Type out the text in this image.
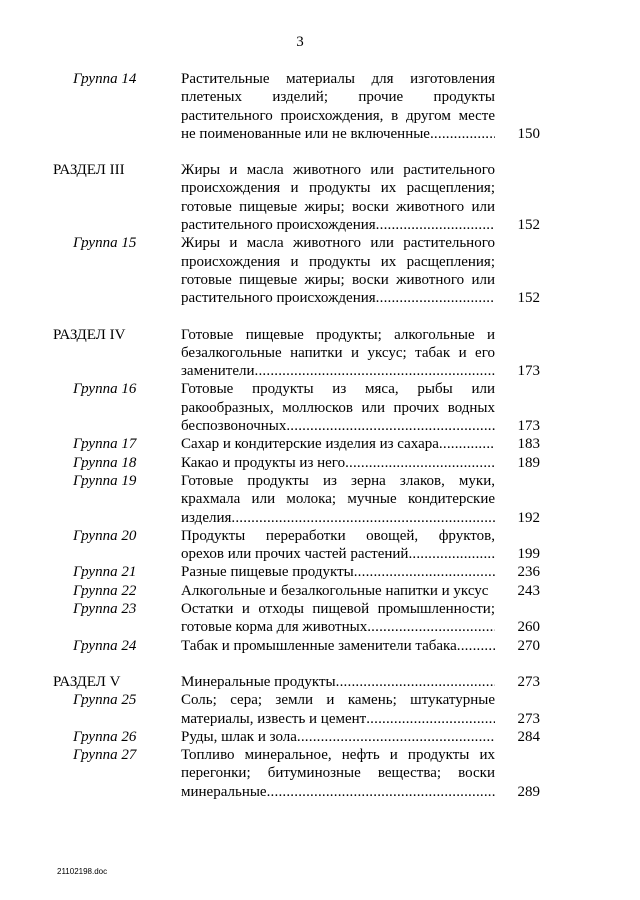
3
Группа 14	Растительные материалы для изготовления
плетеных изделий; прочие продукты
растительного происхождения, в другом месте
не поименованные или не включенные .....	150
РАЗДЕЛ III	Жиры и масла животного или растительного
происхождения и продукты их расщепления;
готовые пищевые жиры; воски животного или
растительного происхождения .....	152
Группа 15	Жиры и масла животного или растительного
происхождения и продукты их расщепления;
готовые пищевые жиры; воски животного или
растительного происхождения .....	152
РАЗДЕЛ IV	Готовые пищевые продукты; алкогольные и
безалкогольные напитки и уксус; табак и его
заменители .....	173
Группа 16	Готовые продукты из мяса, рыбы или
ракообразных, моллюсков или прочих водных
беспозвоночных .....	173
Группа 17	Сахар и кондитерские изделия из сахара .....	183
Группа 18	Какао и продукты из него .....	189
Группа 19	Готовые продукты из зерна злаков, муки,
крахмала или молока; мучные кондитерские
изделия .....	192
Группа 20	Продукты переработки овощей, фруктов,
орехов или прочих частей растений .....	199
Группа 21	Разные пищевые продукты .....	236
Группа 22	Алкогольные и безалкогольные напитки и уксус	243
Группа 23	Остатки и отходы пищевой промышленности;
готовые корма для животных .....	260
Группа 24	Табак и промышленные заменители табака .....	270
РАЗДЕЛ V	Минеральные продукты .....	273
Группа 25	Соль; сера; земли и камень; штукатурные
материалы, известь и цемент .....	273
Группа 26	Руды, шлак и зола .....	284
Группа 27	Топливо минеральное, нефть и продукты их
перегонки; битуминозные вещества; воски
минеральные .....	289
21102198.doc
